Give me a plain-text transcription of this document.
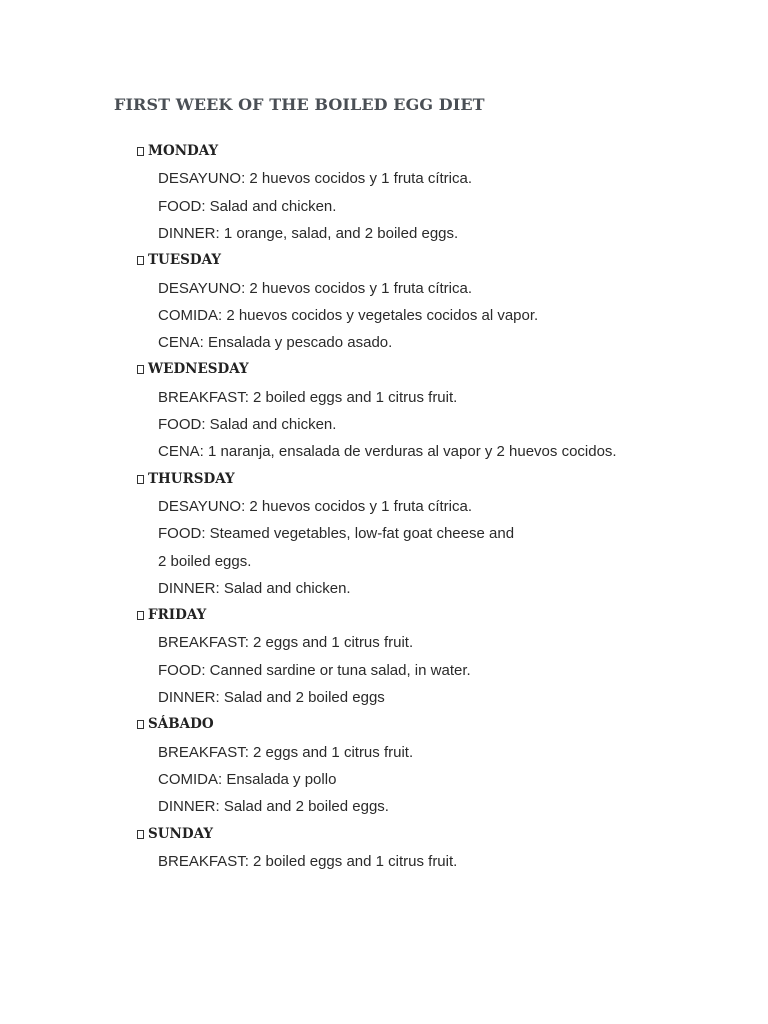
FIRST WEEK OF THE BOILED EGG DIET
MONDAY
DESAYUNO: 2 huevos cocidos y 1 fruta cítrica.
FOOD: Salad and chicken.
DINNER: 1 orange, salad, and 2 boiled eggs.
TUESDAY
DESAYUNO: 2 huevos cocidos y 1 fruta cítrica.
COMIDA: 2 huevos cocidos y vegetales cocidos al vapor.
CENA: Ensalada y pescado asado.
WEDNESDAY
BREAKFAST: 2 boiled eggs and 1 citrus fruit.
FOOD: Salad and chicken.
CENA: 1 naranja, ensalada de verduras al vapor y 2 huevos cocidos.
THURSDAY
DESAYUNO: 2 huevos cocidos y 1 fruta cítrica.
FOOD: Steamed vegetables, low-fat goat cheese and
2 boiled eggs.
DINNER: Salad and chicken.
FRIDAY
BREAKFAST: 2 eggs and 1 citrus fruit.
FOOD: Canned sardine or tuna salad, in water.
DINNER: Salad and 2 boiled eggs
SÁBADO
BREAKFAST: 2 eggs and 1 citrus fruit.
COMIDA: Ensalada y pollo
DINNER: Salad and 2 boiled eggs.
SUNDAY
BREAKFAST: 2 boiled eggs and 1 citrus fruit.
